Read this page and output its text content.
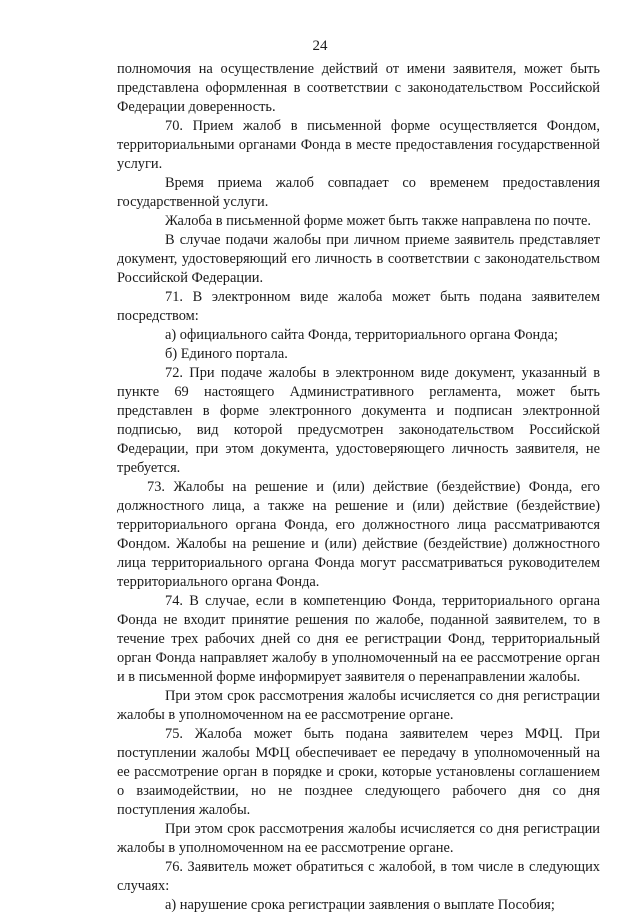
24

полномочия на осуществление действий от имени заявителя, может быть представлена оформленная в соответствии с законодательством Российской Федерации доверенность.

70. Прием жалоб в письменной форме осуществляется Фондом, территориальными органами Фонда в месте предоставления государственной услуги.

Время приема жалоб совпадает со временем предоставления государственной услуги.

Жалоба в письменной форме может быть также направлена по почте.

В случае подачи жалобы при личном приеме заявитель представляет документ, удостоверяющий его личность в соответствии с законодательством Российской Федерации.

71. В электронном виде жалоба может быть подана заявителем посредством:

а) официального сайта Фонда, территориального органа Фонда;

б) Единого портала.

72. При подаче жалобы в электронном виде документ, указанный в пункте 69 настоящего Административного регламента, может быть представлен в форме электронного документа и подписан электронной подписью, вид которой предусмотрен законодательством Российской Федерации, при этом документа, удостоверяющего личность заявителя, не требуется.

73. Жалобы на решение и (или) действие (бездействие) Фонда, его должностного лица, а также на решение и (или) действие (бездействие) территориального органа Фонда, его должностного лица рассматриваются Фондом. Жалобы на решение и (или) действие (бездействие) должностного лица территориального органа Фонда могут рассматриваться руководителем территориального органа Фонда.

74. В случае, если в компетенцию Фонда, территориального органа Фонда не входит принятие решения по жалобе, поданной заявителем, то в течение трех рабочих дней со дня ее регистрации Фонд, территориальный орган Фонда направляет жалобу в уполномоченный на ее рассмотрение орган и в письменной форме информирует заявителя о перенаправлении жалобы.

При этом срок рассмотрения жалобы исчисляется со дня регистрации жалобы в уполномоченном на ее рассмотрение органе.

75. Жалоба может быть подана заявителем через МФЦ. При поступлении жалобы МФЦ обеспечивает ее передачу в уполномоченный на ее рассмотрение орган в порядке и сроки, которые установлены соглашением о взаимодействии, но не позднее следующего рабочего дня со дня поступления жалобы.

При этом срок рассмотрения жалобы исчисляется со дня регистрации жалобы в уполномоченном на ее рассмотрение органе.

76. Заявитель может обратиться с жалобой, в том числе в следующих случаях:

а) нарушение срока регистрации заявления о выплате Пособия;
